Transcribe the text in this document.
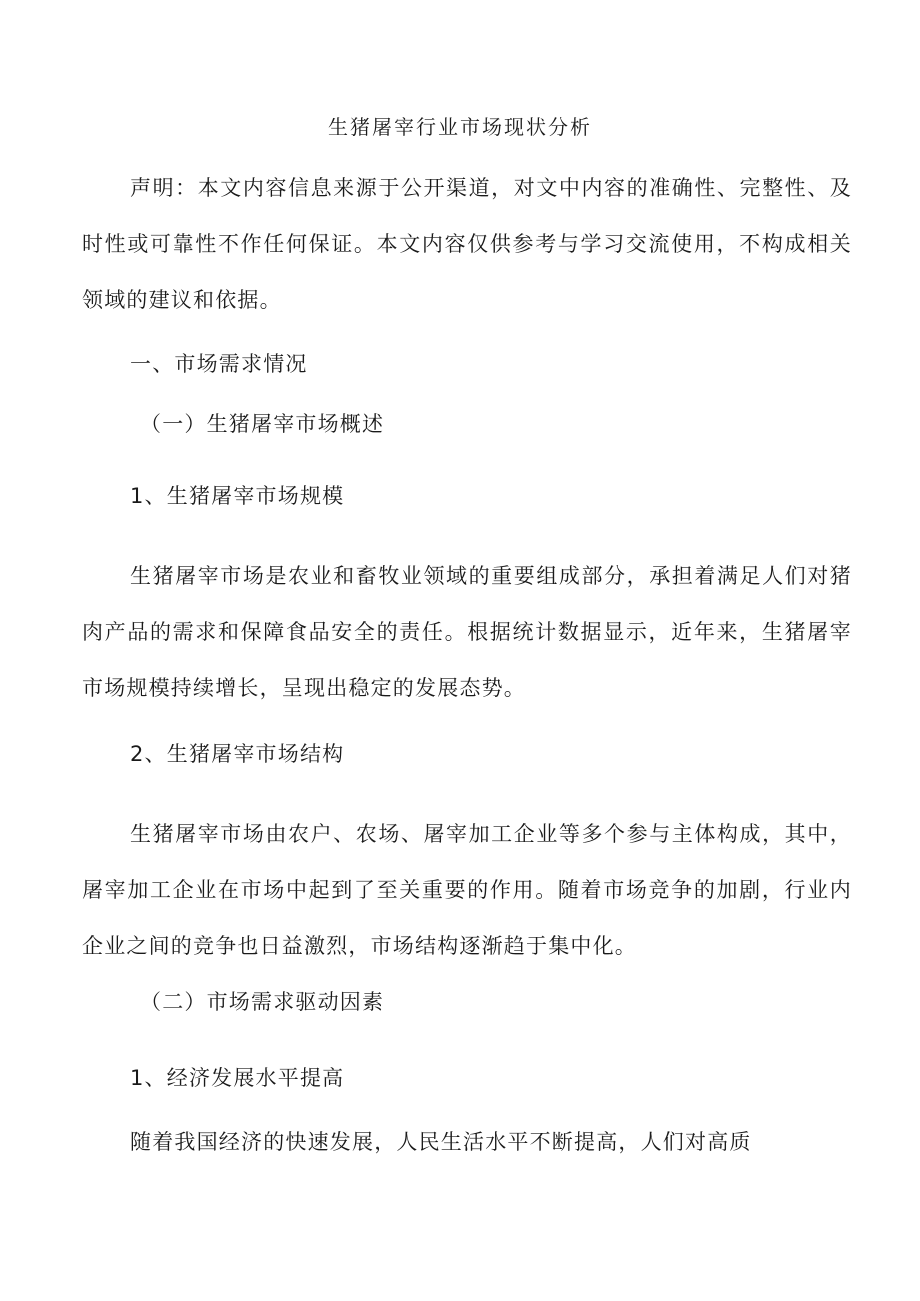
生猪屠宰行业市场现状分析

声明：本文内容信息来源于公开渠道，对文中内容的准确性、完整性、及时性或可靠性不作任何保证。本文内容仅供参考与学习交流使用，不构成相关领域的建议和依据。

一、市场需求情况
（一）生猪屠宰市场概述
1、生猪屠宰市场规模

生猪屠宰市场是农业和畜牧业领域的重要组成部分，承担着满足人们对猪肉产品的需求和保障食品安全的责任。根据统计数据显示，近年来，生猪屠宰市场规模持续增长，呈现出稳定的发展态势。

2、生猪屠宰市场结构

生猪屠宰市场由农户、农场、屠宰加工企业等多个参与主体构成，其中，屠宰加工企业在市场中起到了至关重要的作用。随着市场竞争的加剧，行业内企业之间的竞争也日益激烈，市场结构逐渐趋于集中化。

（二）市场需求驱动因素
1、经济发展水平提高

随着我国经济的快速发展，人民生活水平不断提高，人们对高质
